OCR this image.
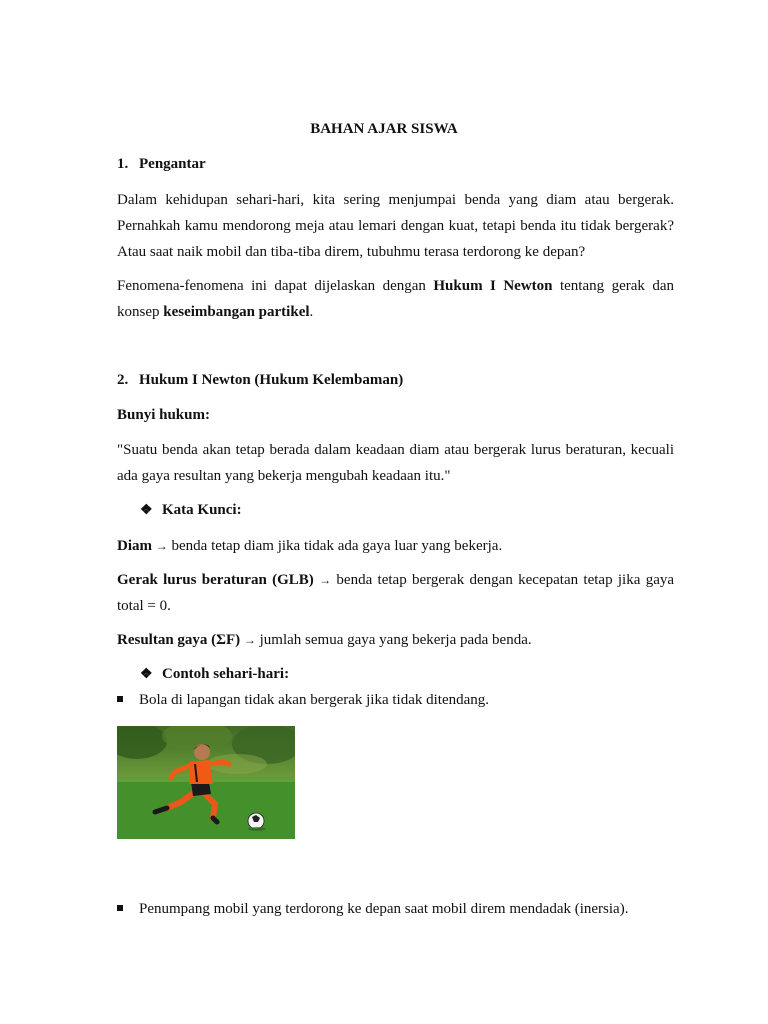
BAHAN AJAR SISWA
1. Pengantar
Dalam kehidupan sehari-hari, kita sering menjumpai benda yang diam atau bergerak. Pernahkah kamu mendorong meja atau lemari dengan kuat, tetapi benda itu tidak bergerak? Atau saat naik mobil dan tiba-tiba direm, tubuhmu terasa terdorong ke depan?
Fenomena-fenomena ini dapat dijelaskan dengan Hukum I Newton tentang gerak dan konsep keseimbangan partikel.
2. Hukum I Newton (Hukum Kelembaman)
Bunyi hukum:
"Suatu benda akan tetap berada dalam keadaan diam atau bergerak lurus beraturan, kecuali ada gaya resultan yang bekerja mengubah keadaan itu."
❖ Kata Kunci:
Diam → benda tetap diam jika tidak ada gaya luar yang bekerja.
Gerak lurus beraturan (GLB) → benda tetap bergerak dengan kecepatan tetap jika gaya total = 0.
Resultan gaya (ΣF) → jumlah semua gaya yang bekerja pada benda.
❖ Contoh sehari-hari:
Bola di lapangan tidak akan bergerak jika tidak ditendang.
Penumpang mobil yang terdorong ke depan saat mobil direm mendadak (inersia).
